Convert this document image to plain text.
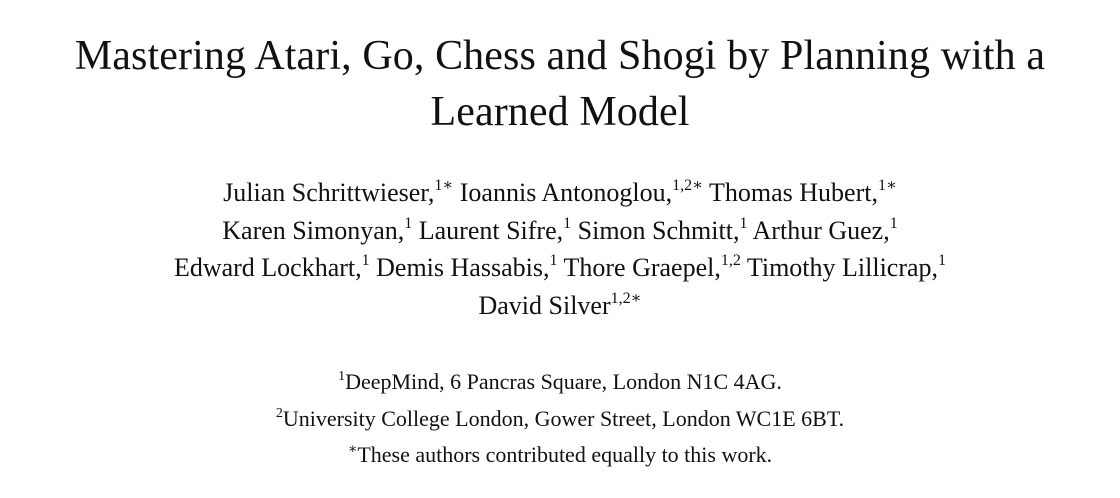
Mastering Atari, Go, Chess and Shogi by Planning with a
Learned Model
Julian Schrittwieser,$^{1∗}$ Ioannis Antonoglou,$^{1,2∗}$ Thomas Hubert,$^{1∗}$
Karen Simonyan,$^1$ Laurent Sifre,$^1$ Simon Schmitt,$^1$ Arthur Guez,$^1$
Edward Lockhart,$^1$ Demis Hassabis,$^1$ Thore Graepel,$^{1,2}$ Timothy Lillicrap,$^1$
David Silver$^{1,2∗}$
$^1$DeepMind, 6 Pancras Square, London N1C 4AG.
$^2$University College London, Gower Street, London WC1E 6BT.
∗These authors contributed equally to this work.
